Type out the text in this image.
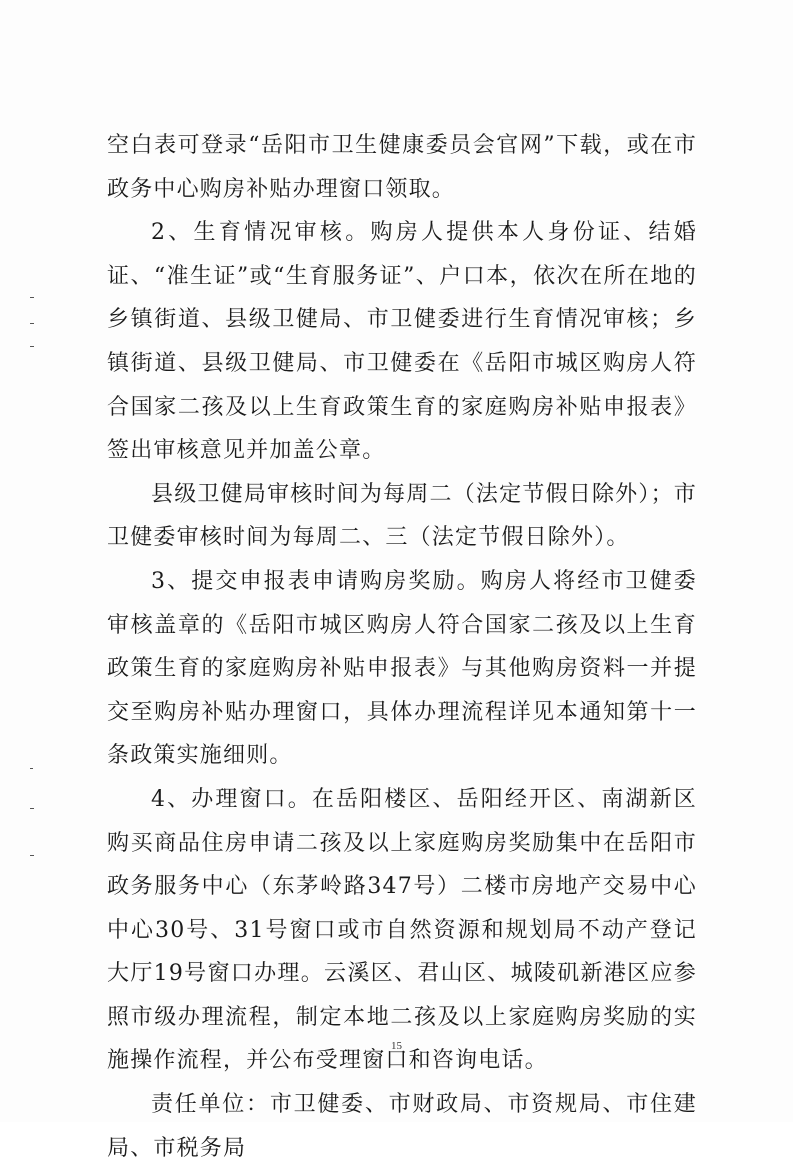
空白表可登录“岳阳市卫生健康委员会官网”下载，或在市政务中心购房补贴办理窗口领取。

2、生育情况审核。购房人提供本人身份证、结婚证、“准生证”或“生育服务证”、户口本，依次在所在地的乡镇街道、县级卫健局、市卫健委进行生育情况审核；乡镇街道、县级卫健局、市卫健委在《岳阳市城区购房人符合国家二孩及以上生育政策生育的家庭购房补贴申报表》签出审核意见并加盖公章。

县级卫健局审核时间为每周二（法定节假日除外）；市卫健委审核时间为每周二、三（法定节假日除外）。

3、提交申报表申请购房奖励。购房人将经市卫健委审核盖章的《岳阳市城区购房人符合国家二孩及以上生育政策生育的家庭购房补贴申报表》与其他购房资料一并提交至购房补贴办理窗口，具体办理流程详见本通知第十一条政策实施细则。

4、办理窗口。在岳阳楼区、岳阳经开区、南湖新区购买商品住房申请二孩及以上家庭购房奖励集中在岳阳市政务服务中心（东茅岭路347号）二楼市房地产交易中心中心30号、31号窗口或市自然资源和规划局不动产登记大厅19号窗口办理。云溪区、君山区、城陵矶新港区应参照市级办理流程，制定本地二孩及以上家庭购房奖励的实施操作流程，并公布受理窗口和咨询电话。

责任单位：市卫健委、市财政局、市资规局、市住建局、市税务局

15
